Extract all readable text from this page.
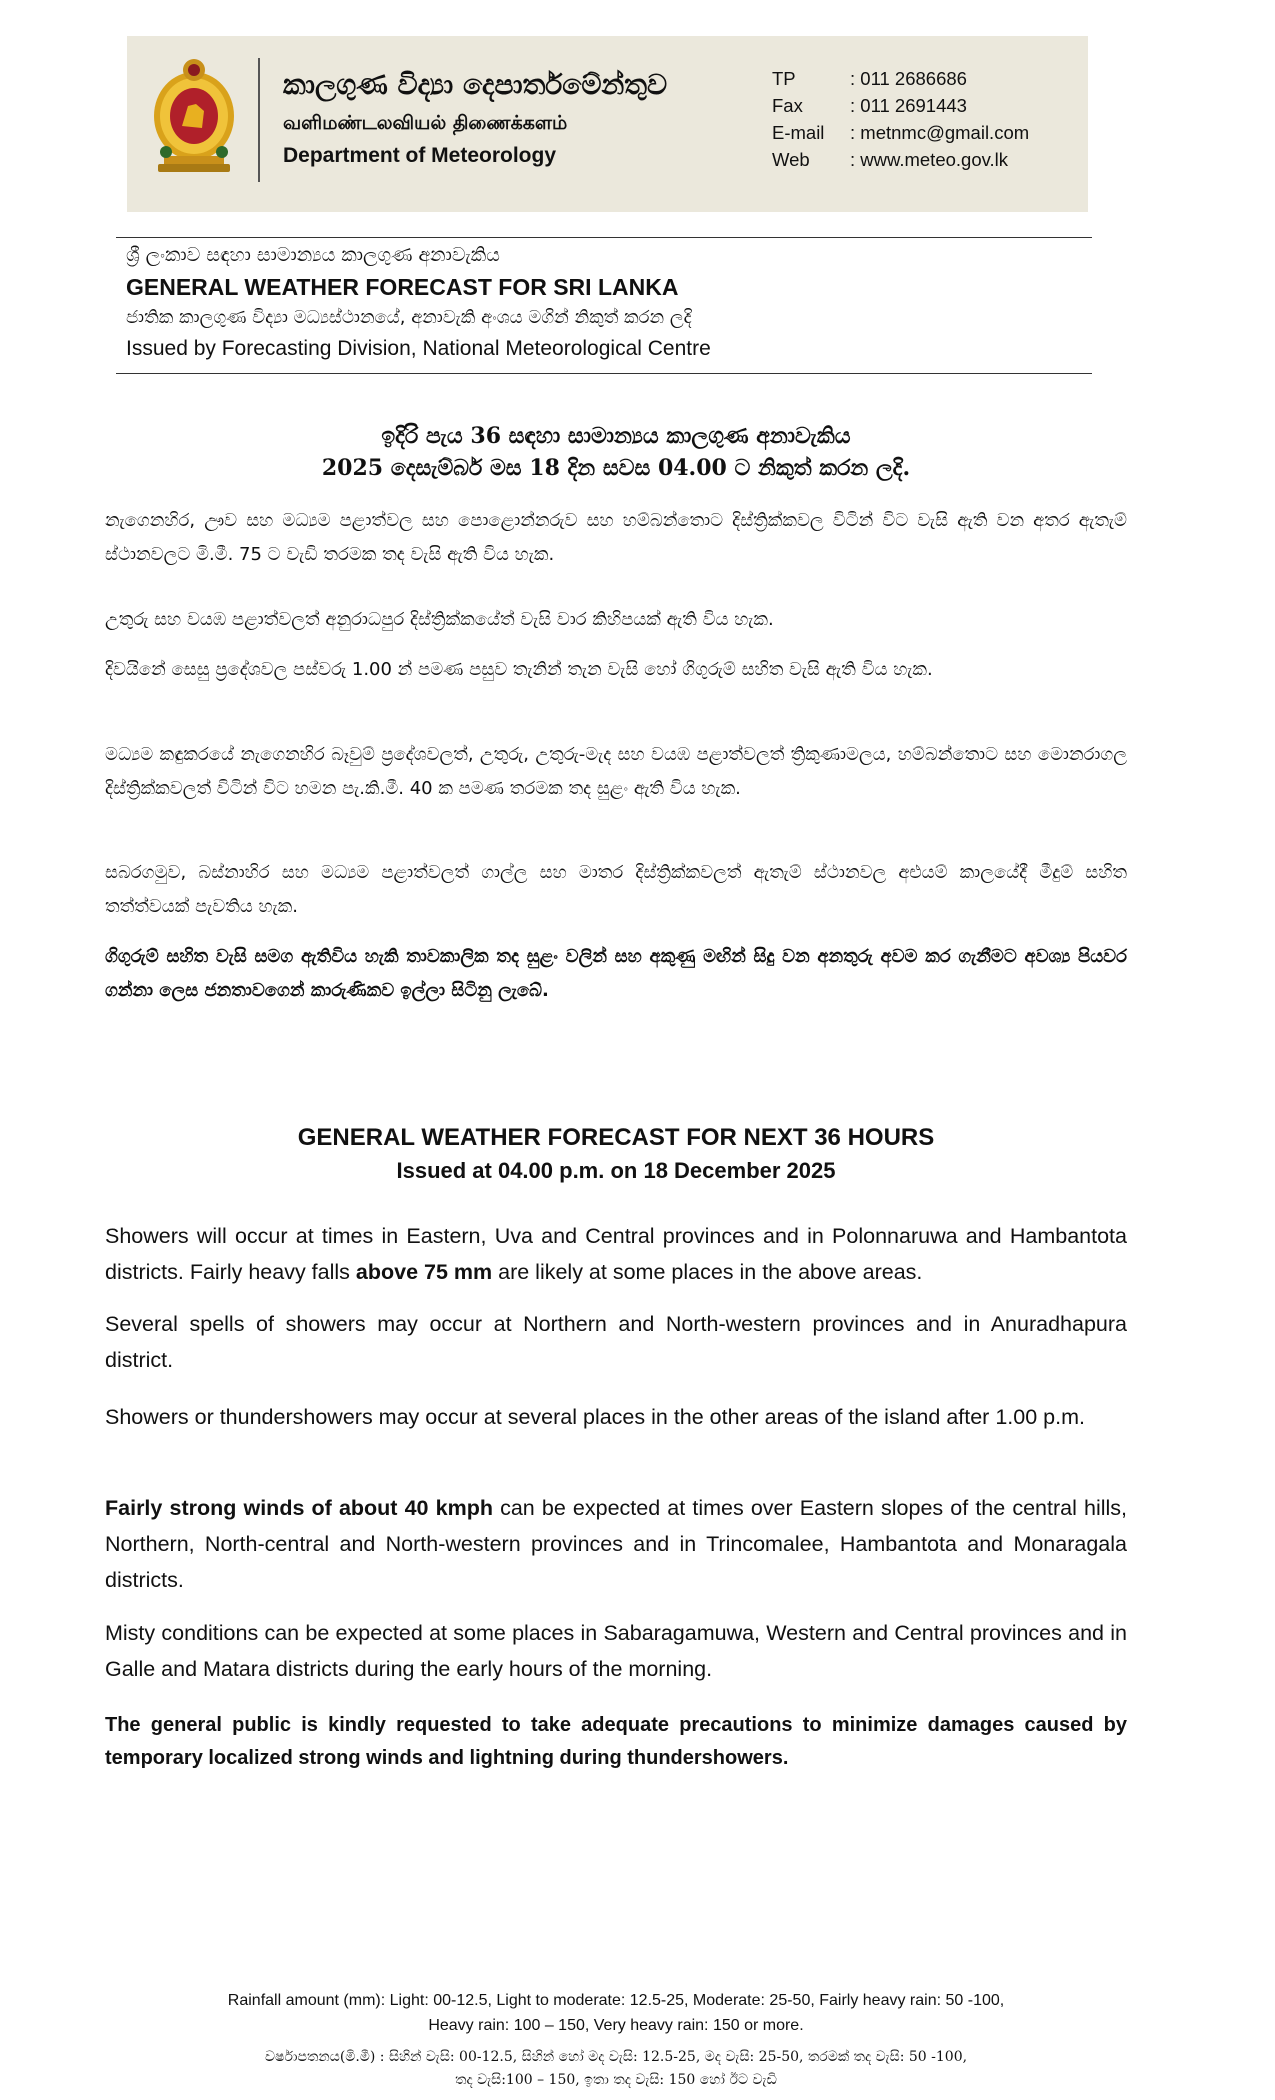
කාලගුණ විද්‍යා දෙපාර්තමේන්තුව
வளிமண்டலவியல் திணைக்களம்
Department of Meteorology
TP	: 011 2686686
Fax	: 011 2691443
E-mail	: metnmc@gmail.com
Web	: www.meteo.gov.lk
ශ්‍රී ලංකාව සඳහා සාමාන්‍යය කාලගුණ අනාවැකිය
GENERAL WEATHER FORECAST FOR SRI LANKA
ජාතික කාලගුණ විද්‍යා මධ්‍යස්ථානයේ, අනාවැකි අංශය මගින් නිකුත් කරන ලදි
Issued by Forecasting Division, National Meteorological Centre
ඉදිරි පැය 36 සඳහා සාමාන්‍යය කාලගුණ අනාවැකිය
2025 දෙසැම්බර් මස 18 දින සවස 04.00 ට නිකුත් කරන ලදි.
නැගෙනහිර, ඌව සහ මධ්‍යම පළාත්වල සහ පොළොන්නරුව සහ හම්බන්තොට දිස්ත්‍රික්කවල විටින් විට වැසි ඇති වන අතර ඇතැම් ස්ථානවලට මි.මී. 75 ට වැඩි තරමක තද වැසි ඇති විය හැක.
උතුරු සහ වයඹ පළාත්වලත් අනුරාධපුර දිස්ත්‍රික්කයේත් වැසි වාර කිහිපයක් ඇති විය හැක.
දිවයිනේ සෙසු ප්‍රදේශවල පස්වරු 1.00 න් පමණ පසුව තැනින් තැන වැසි හෝ ගිගුරුම් සහිත වැසි ඇති විය හැක.
මධ්‍යම කඳුකරයේ නැගෙනහිර බෑවුම් ප්‍රදේශවලත්, උතුරු, උතුරු-මැද සහ වයඹ පළාත්වලත් ත්‍රිකුණාමලය, හම්බන්තොට සහ මොනරාගල දිස්ත්‍රික්කවලත් විටින් විට හමන පැ.කි.මී. 40 ක පමණ තරමක තද සුළං ඇති විය හැක.
සබරගමුව, බස්නාහිර සහ මධ්‍යම පළාත්වලත් ගාල්ල සහ මාතර දිස්ත්‍රික්කවලත් ඇතැම් ස්ථානවල අළුයම් කාලයේදී මීදුම් සහිත තත්ත්වයක් පැවතිය හැක.
ගිගුරුම් සහිත වැසි සමග ඇතිවිය හැකි තාවකාලික තද සුළං වලින් සහ අකුණු මඟින් සිදු වන අනතුරු අවම කර ගැනීමට අවශ්‍ය පියවර ගන්නා ලෙස ජනතාවගෙන් කාරුණිකව ඉල්ලා සිටිනු ලැබේ.
GENERAL WEATHER FORECAST FOR NEXT 36 HOURS
Issued at 04.00 p.m. on 18 December 2025
Showers will occur at times in Eastern, Uva and Central provinces and in Polonnaruwa and Hambantota districts. Fairly heavy falls above 75 mm are likely at some places in the above areas.
Several spells of showers may occur at Northern and North-western provinces and in Anuradhapura district.
Showers or thundershowers may occur at several places in the other areas of the island after 1.00 p.m.
Fairly strong winds of about 40 kmph can be expected at times over Eastern slopes of the central hills, Northern, North-central and North-western provinces and in Trincomalee, Hambantota and Monaragala districts.
Misty conditions can be expected at some places in Sabaragamuwa, Western and Central provinces and in Galle and Matara districts during the early hours of the morning.
The general public is kindly requested to take adequate precautions to minimize damages caused by temporary localized strong winds and lightning during thundershowers.
Rainfall amount (mm): Light: 00-12.5, Light to moderate: 12.5-25, Moderate: 25-50, Fairly heavy rain: 50 -100,
Heavy rain: 100 – 150, Very heavy rain: 150 or more.
වර්ෂාපතනය(මි.මී) : සිහින් වැසි: 00-12.5, සිහින් හෝ මද වැසි: 12.5-25, මද වැසි: 25-50, තරමක් තද වැසි: 50 -100,
තද වැසි:100 – 150, ඉතා තද වැසි: 150 හෝ ඊට වැඩි
